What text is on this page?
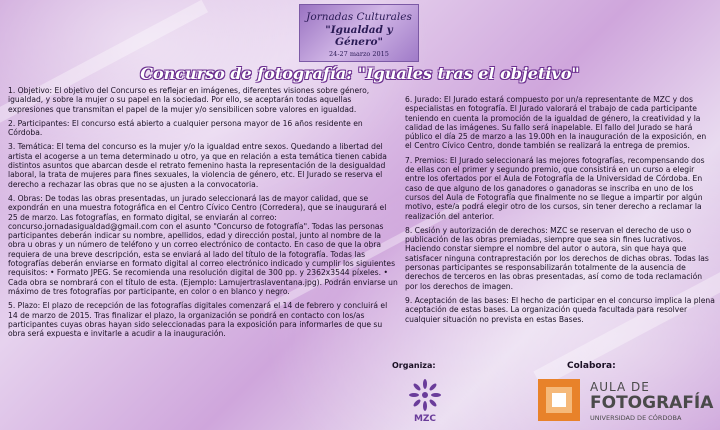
Jornadas Culturales
"Igualdad y Género"
24-27 marzo 2015
Concurso de fotografía: "Iguales tras el objetivo"

1. Objetivo: El objetivo del Concurso es reflejar en imágenes, diferentes visiones sobre género, igualdad, y sobre la mujer o su papel en la sociedad. Por ello, se aceptarán todas aquellas expresiones que transmitan el papel de la mujer y/o sensibilicen sobre valores en igualdad.

2. Participantes: El concurso está abierto a cualquier persona mayor de 16 años residente en Córdoba.

3. Temática: El tema del concurso es la mujer y/o la igualdad entre sexos. Quedando a libertad del artista el acogerse a un tema determinado u otro, ya que en relación a esta temática tienen cabida distintos asuntos que abarcan desde el retrato femenino hasta la representación de la desigualdad laboral, la trata de mujeres para fines sexuales, la violencia de género, etc. El Jurado se reserva el derecho a rechazar las obras que no se ajusten a la convocatoria.

4. Obras: De todas las obras presentadas, un jurado seleccionará las de mayor calidad, que se expondrán en una muestra fotográfica en el Centro Cívico Centro (Corredera), que se inaugurará el 25 de marzo. Las fotografías, en formato digital, se enviarán al correo: concurso.jornadasigualdad@gmail.com con el asunto "Concurso de fotografía". Todas las personas participantes deberán indicar su nombre, apellidos, edad y dirección postal, junto al nombre de la obra u obras y un número de teléfono y un correo electrónico de contacto. En caso de que la obra requiera de una breve descripción, esta se enviará al lado del título de la fotografía. Todas las fotografías deberán enviarse en formato digital al correo electrónico indicado y cumplir los siguientes requisitos: • Formato JPEG. Se recomienda una resolución digital de 300 pp. y 2362x3544 píxeles. • Cada obra se nombrará con el título de esta. (Ejemplo: Lamujertraslaventana.jpg). Podrán enviarse un máximo de tres fotografías por participante, en color o en blanco y negro.

5. Plazo: El plazo de recepción de las fotografías digitales comenzará el 14 de febrero y concluirá el 14 de marzo de 2015. Tras finalizar el plazo, la organización se pondrá en contacto con los/as participantes cuyas obras hayan sido seleccionadas para la exposición para informarles de que su obra será expuesta e invitarle a acudir a la inauguración.

6. Jurado: El Jurado estará compuesto por un/a representante de MZC y dos especialistas en fotografía. El Jurado valorará el trabajo de cada participante teniendo en cuenta la promoción de la igualdad de género, la creatividad y la calidad de las imágenes. Su fallo será inapelable. El fallo del Jurado se hará público el día 25 de marzo a las 19.00h en la inauguración de la exposición, en el Centro Cívico Centro, donde también se realizará la entrega de premios.

7. Premios: El Jurado seleccionará las mejores fotografías, recompensando dos de ellas con el primer y segundo premio, que consistirá en un curso a elegir entre los ofertados por el Aula de Fotografía de la Universidad de Córdoba. En caso de que alguno de los ganadores o ganadoras se inscriba en uno de los cursos del Aula de Fotografía que finalmente no se llegue a impartir por algún motivo, este/a podrá elegir otro de los cursos, sin tener derecho a reclamar la realización del anterior.

8. Cesión y autorización de derechos: MZC se reservan el derecho de uso o publicación de las obras premiadas, siempre que sea sin fines lucrativos. Haciendo constar siempre el nombre del autor o autora, sin que haya que satisfacer ninguna contraprestación por los derechos de dichas obras. Todas las personas participantes se responsabilizarán totalmente de la ausencia de derechos de terceros en las obras presentadas, así como de toda reclamación por los derechos de imagen.

9. Aceptación de las bases: El hecho de participar en el concurso implica la plena aceptación de estas bases. La organización queda facultada para resolver cualquier situación no prevista en estas Bases.

Organiza:	Colabora:
MZC
AULA DE
FOTOGRAFÍA
UNIVERSIDAD DE CÓRDOBA
